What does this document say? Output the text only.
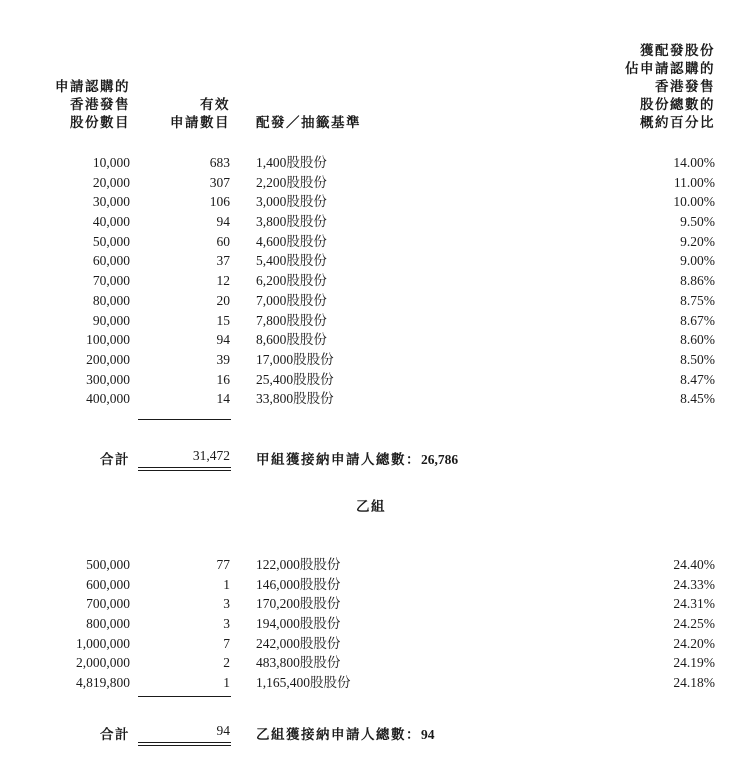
申請認購的
香港發售
股份數目
有效
申請數目 配發／抽籤基準
獲配發股份
佔申請認購的
香港發售
股份總數的
概約百分比
10,000	683 1,400股股份	14.00%
20,000	307 2,200股股份	11.00%
30,000	106 3,000股股份	10.00%
40,000	94 3,800股股份	9.50%
50,000	60 4,600股股份	9.20%
60,000	37 5,400股股份	9.00%
70,000	12 6,200股股份	8.86%
80,000	20 7,000股股份	8.75%
90,000	15 7,800股股份	8.67%
100,000	94 8,600股股份	8.60%
200,000	39 17,000股股份	8.50%
300,000	16 25,400股股份	8.47%
400,000	14 33,800股股份	8.45%
合計	31,472 甲組獲接納申請人總數：26,786
乙組
500,000	77 122,000股股份	24.40%
600,000	1 146,000股股份	24.33%
700,000	3 170,200股股份	24.31%
800,000	3 194,000股股份	24.25%
1,000,000	7 242,000股股份	24.20%
2,000,000	2 483,800股股份	24.19%
4,819,800	1 1,165,400股股份	24.18%
合計	94 乙組獲接納申請人總數：94
